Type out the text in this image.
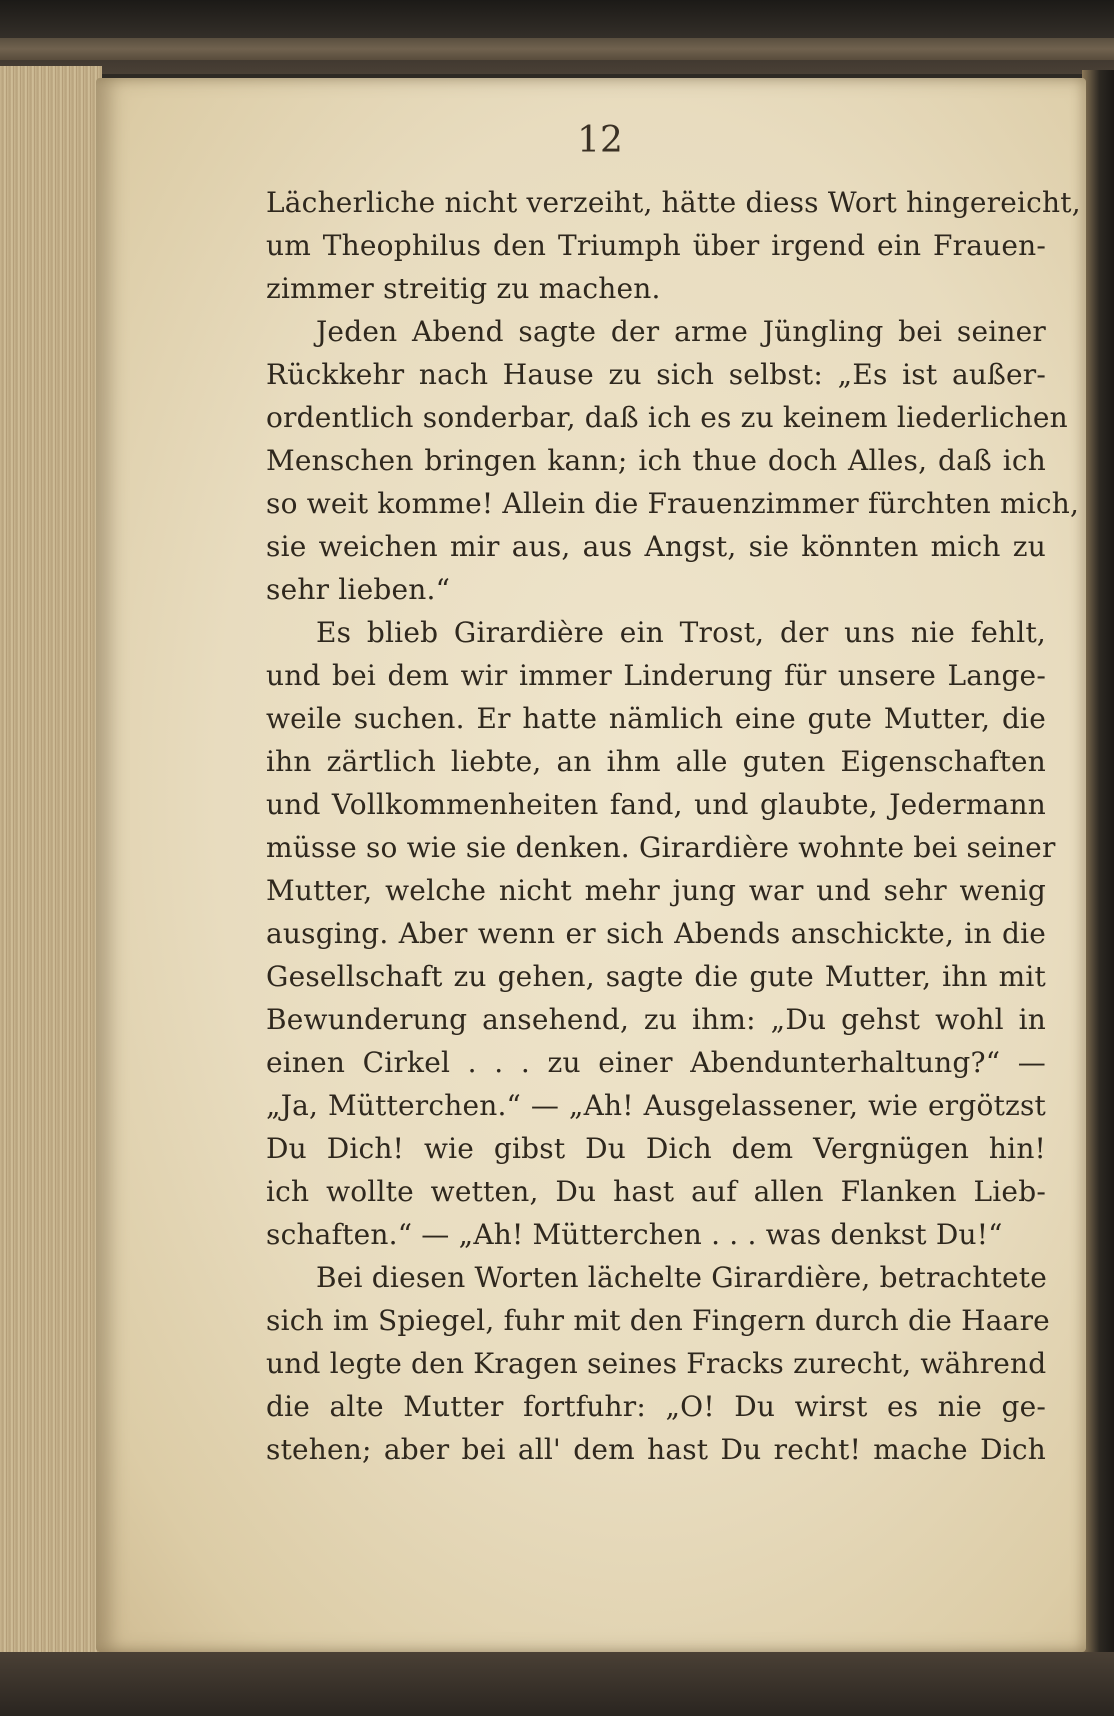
12
Lächerliche nicht verzeiht, hätte diess Wort hingereicht,
um Theophilus den Triumph über irgend ein Frauen-
zimmer streitig zu machen.
Jeden Abend sagte der arme Jüngling bei seiner
Rückkehr nach Hause zu sich selbst: „Es ist außer-
ordentlich sonderbar, daß ich es zu keinem liederlichen
Menschen bringen kann; ich thue doch Alles, daß ich
so weit komme! Allein die Frauenzimmer fürchten mich,
sie weichen mir aus, aus Angst, sie könnten mich zu
sehr lieben.“
Es blieb Girardière ein Trost, der uns nie fehlt,
und bei dem wir immer Linderung für unsere Lange-
weile suchen. Er hatte nämlich eine gute Mutter, die
ihn zärtlich liebte, an ihm alle guten Eigenschaften
und Vollkommenheiten fand, und glaubte, Jedermann
müsse so wie sie denken. Girardière wohnte bei seiner
Mutter, welche nicht mehr jung war und sehr wenig
ausging. Aber wenn er sich Abends anschickte, in die
Gesellschaft zu gehen, sagte die gute Mutter, ihn mit
Bewunderung ansehend, zu ihm: „Du gehst wohl in
einen Cirkel . . . zu einer Abendunterhaltung?“ —
„Ja, Mütterchen.“ — „Ah! Ausgelassener, wie ergötzst
Du Dich! wie gibst Du Dich dem Vergnügen hin!
ich wollte wetten, Du hast auf allen Flanken Lieb-
schaften.“ — „Ah! Mütterchen . . . was denkst Du!“
Bei diesen Worten lächelte Girardière, betrachtete
sich im Spiegel, fuhr mit den Fingern durch die Haare
und legte den Kragen seines Fracks zurecht, während
die alte Mutter fortfuhr: „O! Du wirst es nie ge-
stehen; aber bei all' dem hast Du recht! mache Dich
